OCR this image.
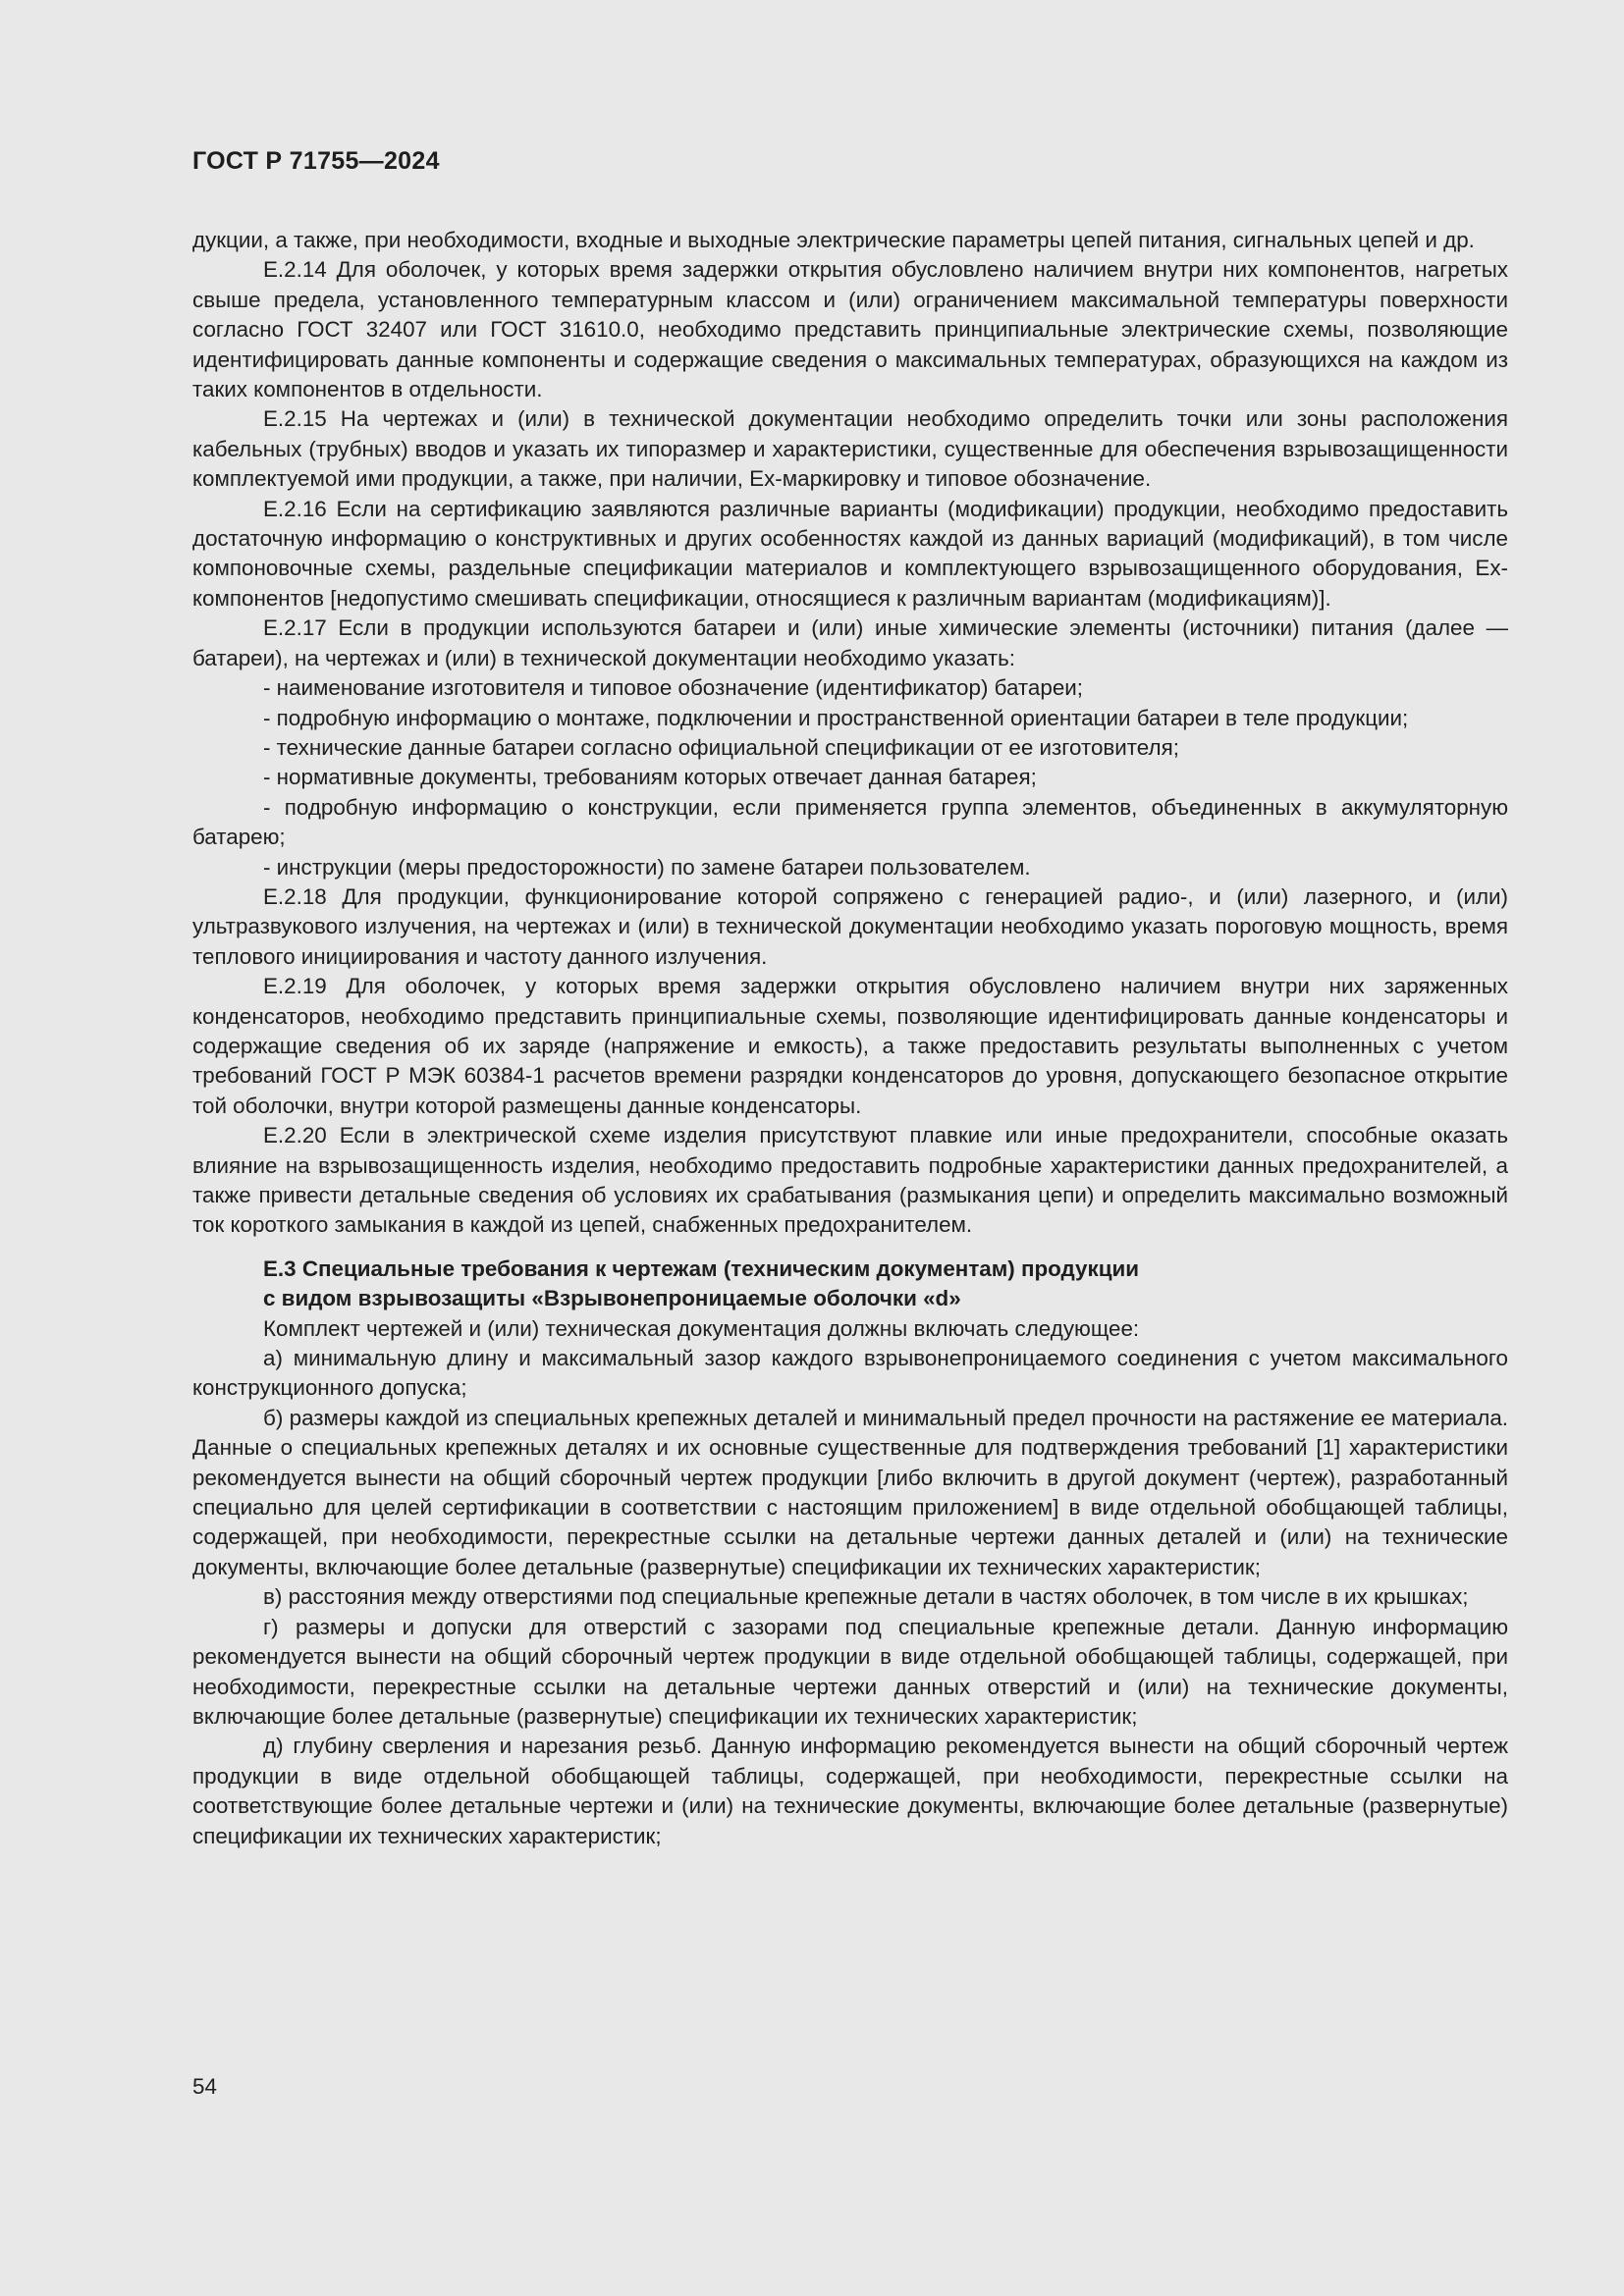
ГОСТ Р 71755—2024

дукции, а также, при необходимости, входные и выходные электрические параметры цепей питания, сигнальных цепей и др.

Е.2.14 Для оболочек, у которых время задержки открытия обусловлено наличием внутри них компонентов, нагретых свыше предела, установленного температурным классом и (или) ограничением максимальной температуры поверхности согласно ГОСТ 32407 или ГОСТ 31610.0, необходимо представить принципиальные электрические схемы, позволяющие идентифицировать данные компоненты и содержащие сведения о максимальных температурах, образующихся на каждом из таких компонентов в отдельности.

Е.2.15 На чертежах и (или) в технической документации необходимо определить точки или зоны расположения кабельных (трубных) вводов и указать их типоразмер и характеристики, существенные для обеспечения взрывозащищенности комплектуемой ими продукции, а также, при наличии, Ex-маркировку и типовое обозначение.

Е.2.16 Если на сертификацию заявляются различные варианты (модификации) продукции, необходимо предоставить достаточную информацию о конструктивных и других особенностях каждой из данных вариаций (модификаций), в том числе компоновочные схемы, раздельные спецификации материалов и комплектующего взрывозащищенного оборудования, Ex-компонентов [недопустимо смешивать спецификации, относящиеся к различным вариантам (модификациям)].

Е.2.17 Если в продукции используются батареи и (или) иные химические элементы (источники) питания (далее — батареи), на чертежах и (или) в технической документации необходимо указать:

- наименование изготовителя и типовое обозначение (идентификатор) батареи;

- подробную информацию о монтаже, подключении и пространственной ориентации батареи в теле продукции;

- технические данные батареи согласно официальной спецификации от ее изготовителя;

- нормативные документы, требованиям которых отвечает данная батарея;

- подробную информацию о конструкции, если применяется группа элементов, объединенных в аккумуляторную батарею;

- инструкции (меры предосторожности) по замене батареи пользователем.

Е.2.18 Для продукции, функционирование которой сопряжено с генерацией радио-, и (или) лазерного, и (или) ультразвукового излучения, на чертежах и (или) в технической документации необходимо указать пороговую мощность, время теплового инициирования и частоту данного излучения.

Е.2.19 Для оболочек, у которых время задержки открытия обусловлено наличием внутри них заряженных конденсаторов, необходимо представить принципиальные схемы, позволяющие идентифицировать данные конденсаторы и содержащие сведения об их заряде (напряжение и емкость), а также предоставить результаты выполненных с учетом требований ГОСТ Р МЭК 60384-1 расчетов времени разрядки конденсаторов до уровня, допускающего безопасное открытие той оболочки, внутри которой размещены данные конденсаторы.

Е.2.20 Если в электрической схеме изделия присутствуют плавкие или иные предохранители, способные оказать влияние на взрывозащищенность изделия, необходимо предоставить подробные характеристики данных предохранителей, а также привести детальные сведения об условиях их срабатывания (размыкания цепи) и определить максимально возможный ток короткого замыкания в каждой из цепей, снабженных предохранителем.

Е.3 Специальные требования к чертежам (техническим документам) продукции
с видом взрывозащиты «Взрывонепроницаемые оболочки «d»

Комплект чертежей и (или) техническая документация должны включать следующее:

а) минимальную длину и максимальный зазор каждого взрывонепроницаемого соединения с учетом максимального конструкционного допуска;

б) размеры каждой из специальных крепежных деталей и минимальный предел прочности на растяжение ее материала. Данные о специальных крепежных деталях и их основные существенные для подтверждения требований [1] характеристики рекомендуется вынести на общий сборочный чертеж продукции [либо включить в другой документ (чертеж), разработанный специально для целей сертификации в соответствии с настоящим приложением] в виде отдельной обобщающей таблицы, содержащей, при необходимости, перекрестные ссылки на детальные чертежи данных деталей и (или) на технические документы, включающие более детальные (развернутые) спецификации их технических характеристик;

в) расстояния между отверстиями под специальные крепежные детали в частях оболочек, в том числе в их крышках;

г) размеры и допуски для отверстий с зазорами под специальные крепежные детали. Данную информацию рекомендуется вынести на общий сборочный чертеж продукции в виде отдельной обобщающей таблицы, содержащей, при необходимости, перекрестные ссылки на детальные чертежи данных отверстий и (или) на технические документы, включающие более детальные (развернутые) спецификации их технических характеристик;

д) глубину сверления и нарезания резьб. Данную информацию рекомендуется вынести на общий сборочный чертеж продукции в виде отдельной обобщающей таблицы, содержащей, при необходимости, перекрестные ссылки на соответствующие более детальные чертежи и (или) на технические документы, включающие более детальные (развернутые) спецификации их технических характеристик;

54
